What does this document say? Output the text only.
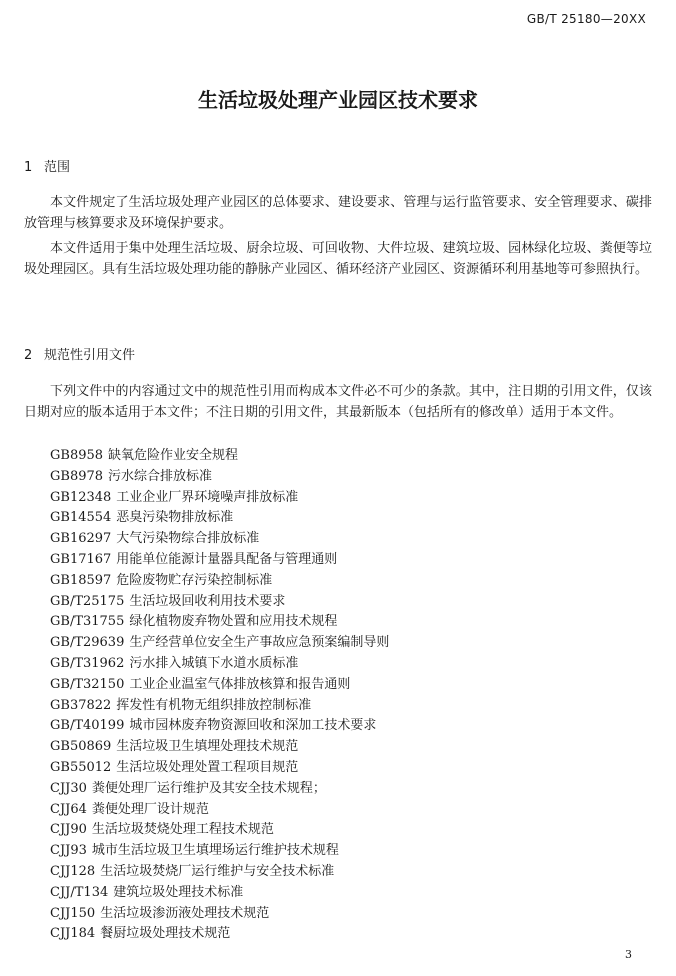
GB/T 25180—20XX
生活垃圾处理产业园区技术要求
1 范围

本文件规定了生活垃圾处理产业园区的总体要求、建设要求、管理与运行监管要求、安全管理要求、碳排放管理与核算要求及环境保护要求。

本文件适用于集中处理生活垃圾、厨余垃圾、可回收物、大件垃圾、建筑垃圾、园林绿化垃圾、粪便等垃圾处理园区。具有生活垃圾处理功能的静脉产业园区、循环经济产业园区、资源循环利用基地等可参照执行。

2 规范性引用文件

下列文件中的内容通过文中的规范性引用而构成本文件必不可少的条款。其中，注日期的引用文件，仅该日期对应的版本适用于本文件；不注日期的引用文件，其最新版本（包括所有的修改单）适用于本文件。

GB8958 缺氧危险作业安全规程
GB8978 污水综合排放标准
GB12348 工业企业厂界环境噪声排放标准
GB14554 恶臭污染物排放标准
GB16297 大气污染物综合排放标准
GB17167 用能单位能源计量器具配备与管理通则
GB18597 危险废物贮存污染控制标准
GB/T25175 生活垃圾回收利用技术要求
GB/T31755 绿化植物废弃物处置和应用技术规程
GB/T29639 生产经营单位安全生产事故应急预案编制导则
GB/T31962 污水排入城镇下水道水质标准
GB/T32150 工业企业温室气体排放核算和报告通则
GB37822 挥发性有机物无组织排放控制标准
GB/T40199 城市园林废弃物资源回收和深加工技术要求
GB50869 生活垃圾卫生填埋处理技术规范
GB55012 生活垃圾处理处置工程项目规范
CJJ30 粪便处理厂运行维护及其安全技术规程；
CJJ64 粪便处理厂设计规范
CJJ90 生活垃圾焚烧处理工程技术规范
CJJ93 城市生活垃圾卫生填埋场运行维护技术规程
CJJ128 生活垃圾焚烧厂运行维护与安全技术标准
CJJ/T134 建筑垃圾处理技术标准
CJJ150 生活垃圾渗沥液处理技术规范
CJJ184 餐厨垃圾处理技术规范
3
